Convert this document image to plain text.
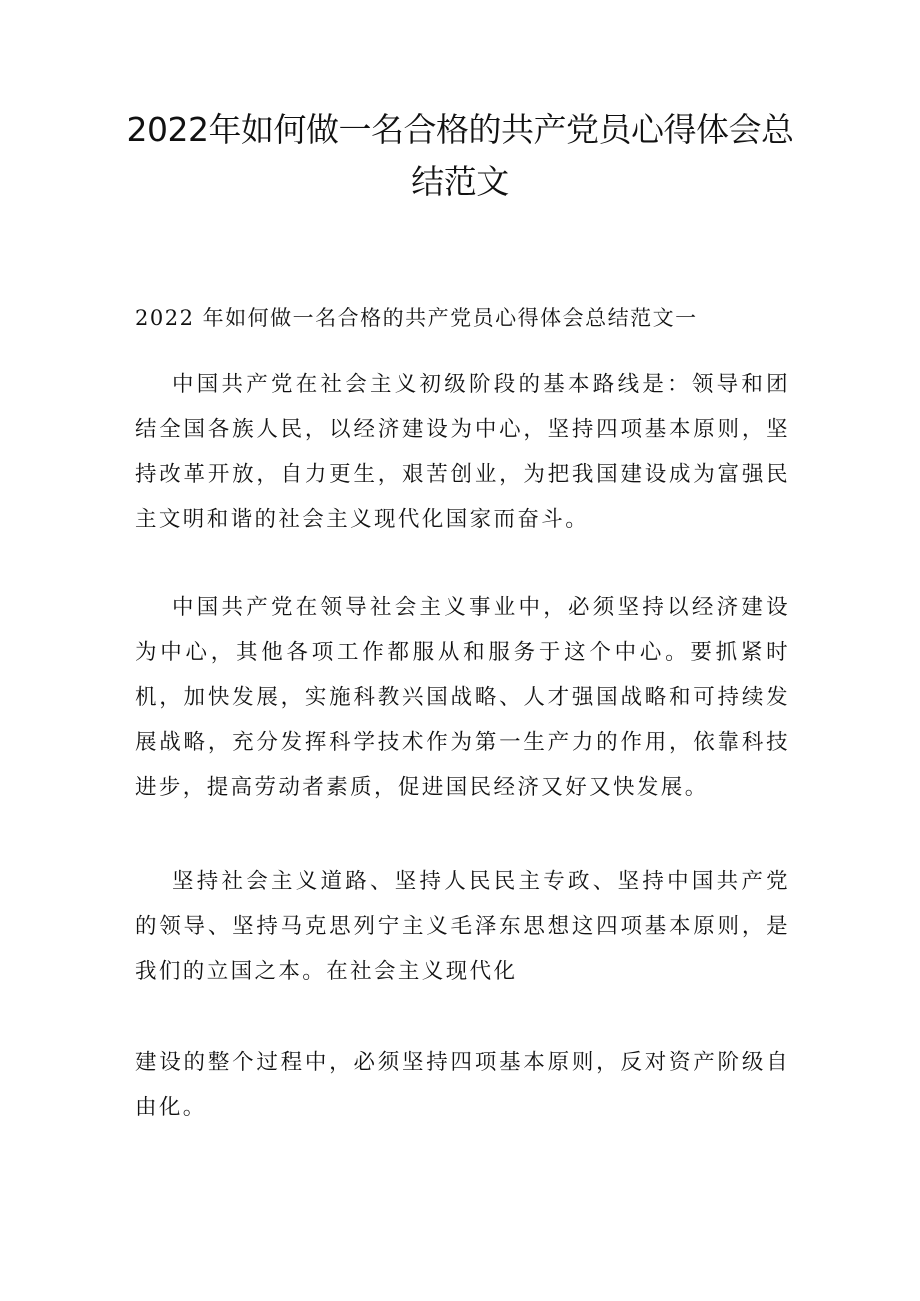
2022年如何做一名合格的共产党员心得体会总结范文

2022 年如何做一名合格的共产党员心得体会总结范文一

中国共产党在社会主义初级阶段的基本路线是：领导和团结全国各族人民，以经济建设为中心，坚持四项基本原则，坚持改革开放，自力更生，艰苦创业，为把我国建设成为富强民主文明和谐的社会主义现代化国家而奋斗。

中国共产党在领导社会主义事业中，必须坚持以经济建设为中心，其他各项工作都服从和服务于这个中心。要抓紧时机，加快发展，实施科教兴国战略、人才强国战略和可持续发展战略，充分发挥科学技术作为第一生产力的作用，依靠科技进步，提高劳动者素质，促进国民经济又好又快发展。

坚持社会主义道路、坚持人民民主专政、坚持中国共产党的领导、坚持马克思列宁主义毛泽东思想这四项基本原则，是我们的立国之本。在社会主义现代化

建设的整个过程中，必须坚持四项基本原则，反对资产阶级自由化。
